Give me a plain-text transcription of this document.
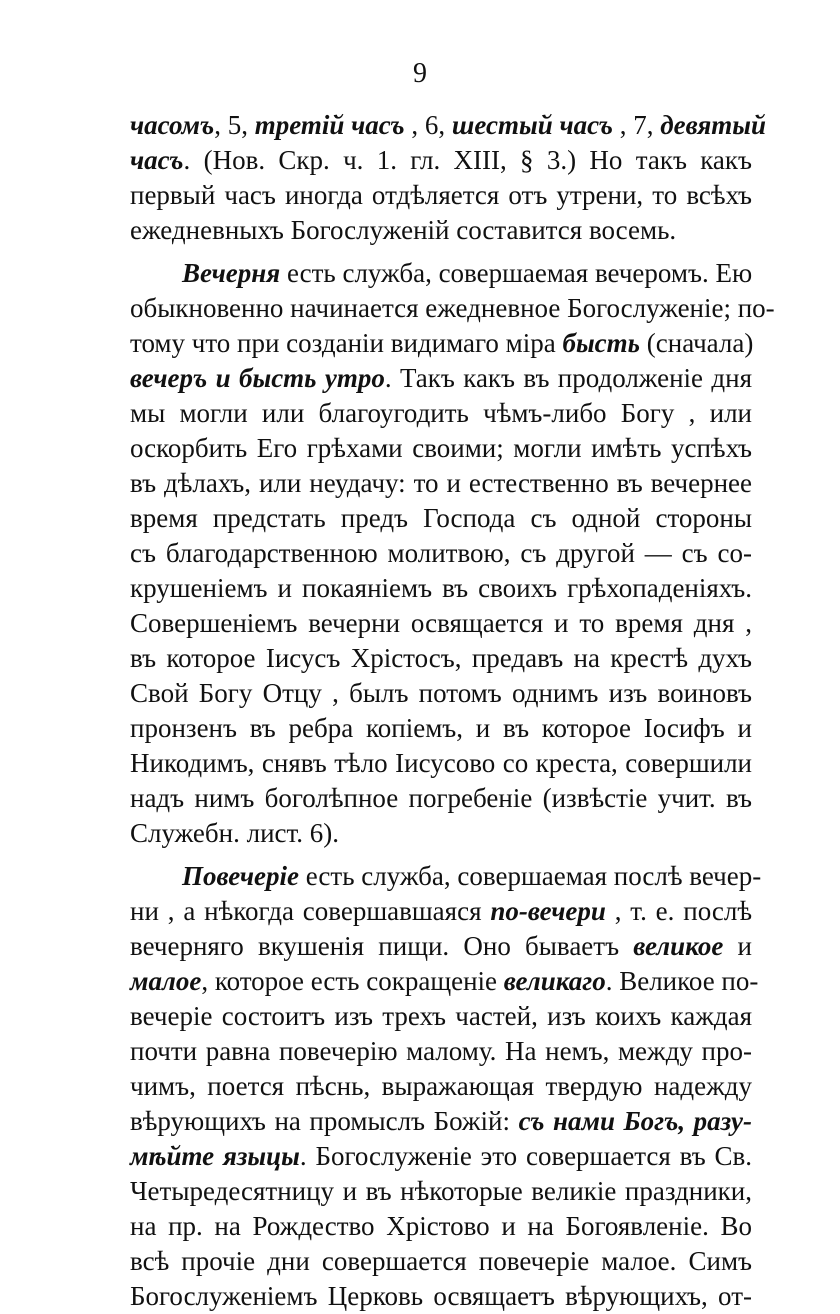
9
часомъ, 5, третій часъ , 6, шестый часъ , 7, девятый
часъ. (Нов. Скр. ч. 1. гл. XIII, § 3.) Но такъ какъ
первый часъ иногда отдѣляется отъ утрени, то всѣхъ
ежедневныхъ Богослуженій составится восемь.
Вечерня есть служба, совершаемая вечеромъ. Ею
обыкновенно начинается ежедневное Богослуженіе; по-
тому что при созданіи видимаго міра бысть (сначала)
вечеръ и бысть утро. Такъ какъ въ продолженіе дня
мы могли или благоугодить чѣмъ-либо Богу , или
оскорбить Его грѣхами своими; могли имѣть успѣхъ
въ дѣлахъ, или неудачу: то и естественно въ вечернее
время предстать предъ Господа съ одной стороны
съ благодарственною молитвою, съ другой — съ со-
крушеніемъ и покаяніемъ въ своихъ грѣхопаденіяхъ.
Совершеніемъ вечерни освящается и то время дня ,
въ которое Іисусъ Хрістосъ, предавъ на крестѣ духъ
Свой Богу Отцу , былъ потомъ однимъ изъ воиновъ
пронзенъ въ ребра копіемъ, и въ которое Іосифъ и
Никодимъ, снявъ тѣло Іисусово со креста, совершили
надъ нимъ боголѣпное погребеніе (извѣстіе учит. въ
Служебн. лист. 6).
Повечеріе есть служба, совершаемая послѣ вечер-
ни , а нѣкогда совершавшаяся по-вечери , т. е. послѣ
вечерняго вкушенія пищи. Оно бываетъ великое и
малое, которое есть сокращеніе великаго. Великое по-
вечеріе состоитъ изъ трехъ частей, изъ коихъ каждая
почти равна повечерію малому. На немъ, между про-
чимъ, поется пѣснь, выражающая твердую надежду
вѣрующихъ на промыслъ Божій: съ нами Богъ, разу-
мѣйте языцы. Богослуженіе это совершается въ Св.
Четыредесятницу и въ нѣкоторые великіе праздники,
на пр. на Рождество Хрістово и на Богоявленіе. Во
всѣ прочіе дни совершается повечеріе малое. Симъ
Богослуженіемъ Церковь освящаетъ вѣрующихъ, от-
